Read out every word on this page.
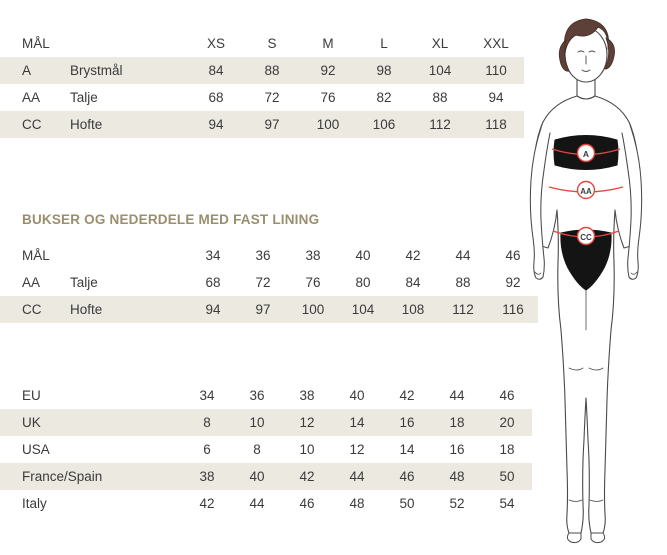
MÅL		XS	S	M	L	XL	XXL
A	Brystmål	84	88	92	98	104	110
AA	Talje	68	72	76	82	88	94
CC	Hofte	94	97	100	106	112	118
BUKSER OG NEDERDELE MED FAST LINING
MÅL		34	36	38	40	42	44	46
AA	Talje	68	72	76	80	84	88	92
CC	Hofte	94	97	100	104	108	112	116
EU	34	36	38	40	42	44	46
UK	8	10	12	14	16	18	20
USA	6	8	10	12	14	16	18
France/Spain	38	40	42	44	46	48	50
Italy	42	44	46	48	50	52	54
A
AA
CC
